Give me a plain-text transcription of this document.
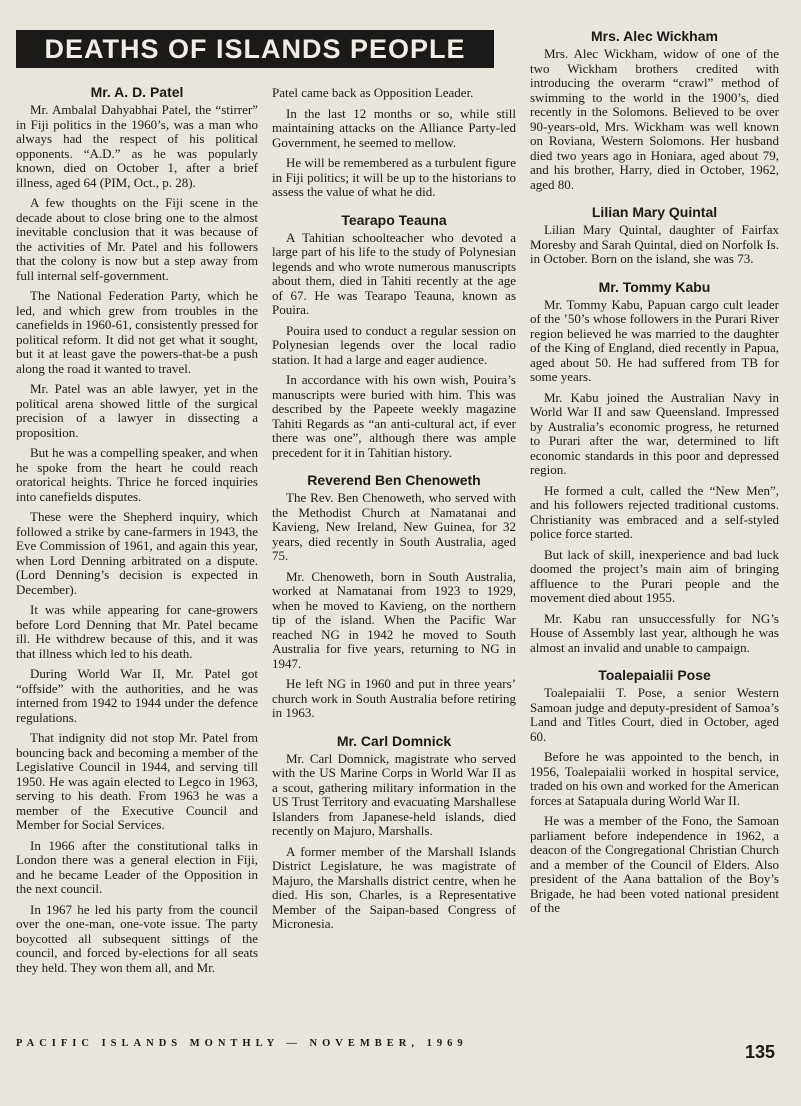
DEATHS OF ISLANDS PEOPLE
Mr. A. D. Patel

Mr. Ambalal Dahyabhai Patel, the “stirrer” in Fiji politics in the 1960’s, was a man who always had the respect of his political opponents. “A.D.” as he was popularly known, died on October 1, after a brief illness, aged 64 (PIM, Oct., p. 28).

A few thoughts on the Fiji scene in the decade about to close bring one to the almost inevitable conclusion that it was because of the activities of Mr. Patel and his followers that the colony is now but a step away from full internal self-government.

The National Federation Party, which he led, and which grew from troubles in the canefields in 1960-61, consistently pressed for political reform. It did not get what it sought, but it at least gave the powers-that-be a push along the road it wanted to travel.

Mr. Patel was an able lawyer, yet in the political arena showed little of the surgical precision of a lawyer in dissecting a proposition.

But he was a compelling speaker, and when he spoke from the heart he could reach oratorical heights. Thrice he forced inquiries into canefields disputes.

These were the Shepherd inquiry, which followed a strike by cane-farmers in 1943, the Eve Commission of 1961, and again this year, when Lord Denning arbitrated on a dispute. (Lord Denning’s decision is expected in December).

It was while appearing for cane-growers before Lord Denning that Mr. Patel became ill. He withdrew because of this, and it was that illness which led to his death.

During World War II, Mr. Patel got “offside” with the authorities, and he was interned from 1942 to 1944 under the defence regulations.

That indignity did not stop Mr. Patel from bouncing back and becoming a member of the Legislative Council in 1944, and serving till 1950. He was again elected to Legco in 1963, serving to his death. From 1963 he was a member of the Executive Council and Member for Social Services.

In 1966 after the constitutional talks in London there was a general election in Fiji, and he became Leader of the Opposition in the next council.

In 1967 he led his party from the council over the one-man, one-vote issue. The party boycotted all subsequent sittings of the council, and forced by-elections for all seats they held. They won them all, and Mr.

Patel came back as Opposition Leader.

In the last 12 months or so, while still maintaining attacks on the Alliance Party-led Government, he seemed to mellow.

He will be remembered as a turbulent figure in Fiji politics; it will be up to the historians to assess the value of what he did.

Tearapo Teauna

A Tahitian schoolteacher who devoted a large part of his life to the study of Polynesian legends and who wrote numerous manuscripts about them, died in Tahiti recently at the age of 67. He was Tearapo Teauna, known as Pouira.

Pouira used to conduct a regular session on Polynesian legends over the local radio station. It had a large and eager audience.

In accordance with his own wish, Pouira’s manuscripts were buried with him. This was described by the Papeete weekly magazine Tahiti Regards as “an anti-cultural act, if ever there was one”, although there was ample precedent for it in Tahitian history.

Reverend Ben Chenoweth

The Rev. Ben Chenoweth, who served with the Methodist Church at Namatanai and Kavieng, New Ireland, New Guinea, for 32 years, died recently in South Australia, aged 75.

Mr. Chenoweth, born in South Australia, worked at Namatanai from 1923 to 1929, when he moved to Kavieng, on the northern tip of the island. When the Pacific War reached NG in 1942 he moved to South Australia for five years, returning to NG in 1947.

He left NG in 1960 and put in three years’ church work in South Australia before retiring in 1963.

Mr. Carl Domnick

Mr. Carl Domnick, magistrate who served with the US Marine Corps in World War II as a scout, gathering military information in the US Trust Territory and evacuating Marshallese Islanders from Japanese-held islands, died recently on Majuro, Marshalls.

A former member of the Marshall Islands District Legislature, he was magistrate of Majuro, the Marshalls district centre, when he died. His son, Charles, is a Representative Member of the Saipan-based Congress of Micronesia.

Mrs. Alec Wickham

Mrs. Alec Wickham, widow of one of the two Wickham brothers credited with introducing the overarm “crawl” method of swimming to the world in the 1900’s, died recently in the Solomons. Believed to be over 90-years-old, Mrs. Wickham was well known on Roviana, Western Solomons. Her husband died two years ago in Honiara, aged about 79, and his brother, Harry, died in October, 1962, aged 80.

Lilian Mary Quintal

Lilian Mary Quintal, daughter of Fairfax Moresby and Sarah Quintal, died on Norfolk Is. in October. Born on the island, she was 73.

Mr. Tommy Kabu

Mr. Tommy Kabu, Papuan cargo cult leader of the ’50’s whose followers in the Purari River region believed he was married to the daughter of the King of England, died recently in Papua, aged about 50. He had suffered from TB for some years.

Mr. Kabu joined the Australian Navy in World War II and saw Queensland. Impressed by Australia’s economic progress, he returned to Purari after the war, determined to lift economic standards in this poor and depressed region.

He formed a cult, called the “New Men”, and his followers rejected traditional customs. Christianity was embraced and a self-styled police force started.

But lack of skill, inexperience and bad luck doomed the project’s main aim of bringing affluence to the Purari people and the movement died about 1955.

Mr. Kabu ran unsuccessfully for NG’s House of Assembly last year, although he was almost an invalid and unable to campaign.

Toalepaialii Pose

Toalepaialii T. Pose, a senior Western Samoan judge and deputy-president of Samoa’s Land and Titles Court, died in October, aged 60.

Before he was appointed to the bench, in 1956, Toalepaialii worked in hospital service, traded on his own and worked for the American forces at Satapuala during World War II.

He was a member of the Fono, the Samoan parliament before independence in 1962, a deacon of the Congregational Christian Church and a member of the Council of Elders. Also president of the Aana battalion of the Boy’s Brigade, he had been voted national president of the

PACIFIC ISLANDS MONTHLY — NOVEMBER, 1969	135
